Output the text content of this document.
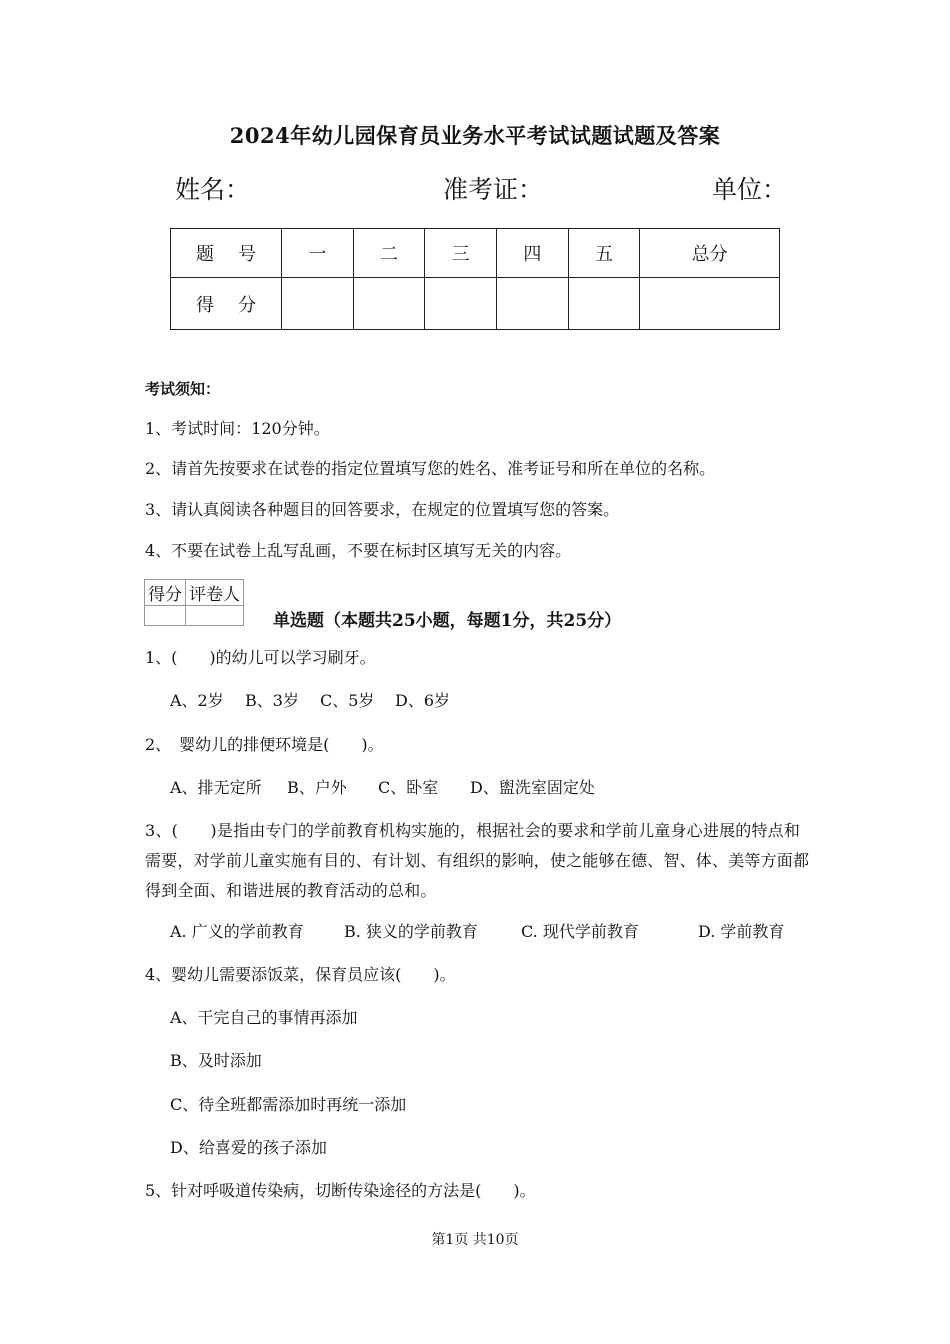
2024年幼儿园保育员业务水平考试试题试题及答案
姓名：	准考证：	单位：
题号	一	二	三	四	五	总分
得分						
考试须知：
1、考试时间：120分钟。
2、请首先按要求在试卷的指定位置填写您的姓名、准考证号和所在单位的名称。
3、请认真阅读各种题目的回答要求，在规定的位置填写您的答案。
4、不要在试卷上乱写乱画，不要在标封区填写无关的内容。
得分	评卷人

单选题（本题共25小题，每题1分，共25分）
1、(　　)的幼儿可以学习刷牙。
A、2岁 B、3岁 C、5岁 D、6岁
2、　婴幼儿的排便环境是(　　)。
A、排无定所 B、户外 C、卧室 D、盥洗室固定处
3、(　　)是指由专门的学前教育机构实施的，根据社会的要求和学前儿童身心进展的特点和需要，对学前儿童实施有目的、有计划、有组织的影响，使之能够在德、智、体、美等方面都得到全面、和谐进展的教育活动的总和。
A. 广义的学前教育	B. 狭义的学前教育	C. 现代学前教育	D. 学前教育
4、婴幼儿需要添饭菜，保育员应该(　　)。
A、干完自己的事情再添加
B、及时添加
C、待全班都需添加时再统一添加
D、给喜爱的孩子添加
5、针对呼吸道传染病，切断传染途径的方法是(　　)。
第1页 共10页
